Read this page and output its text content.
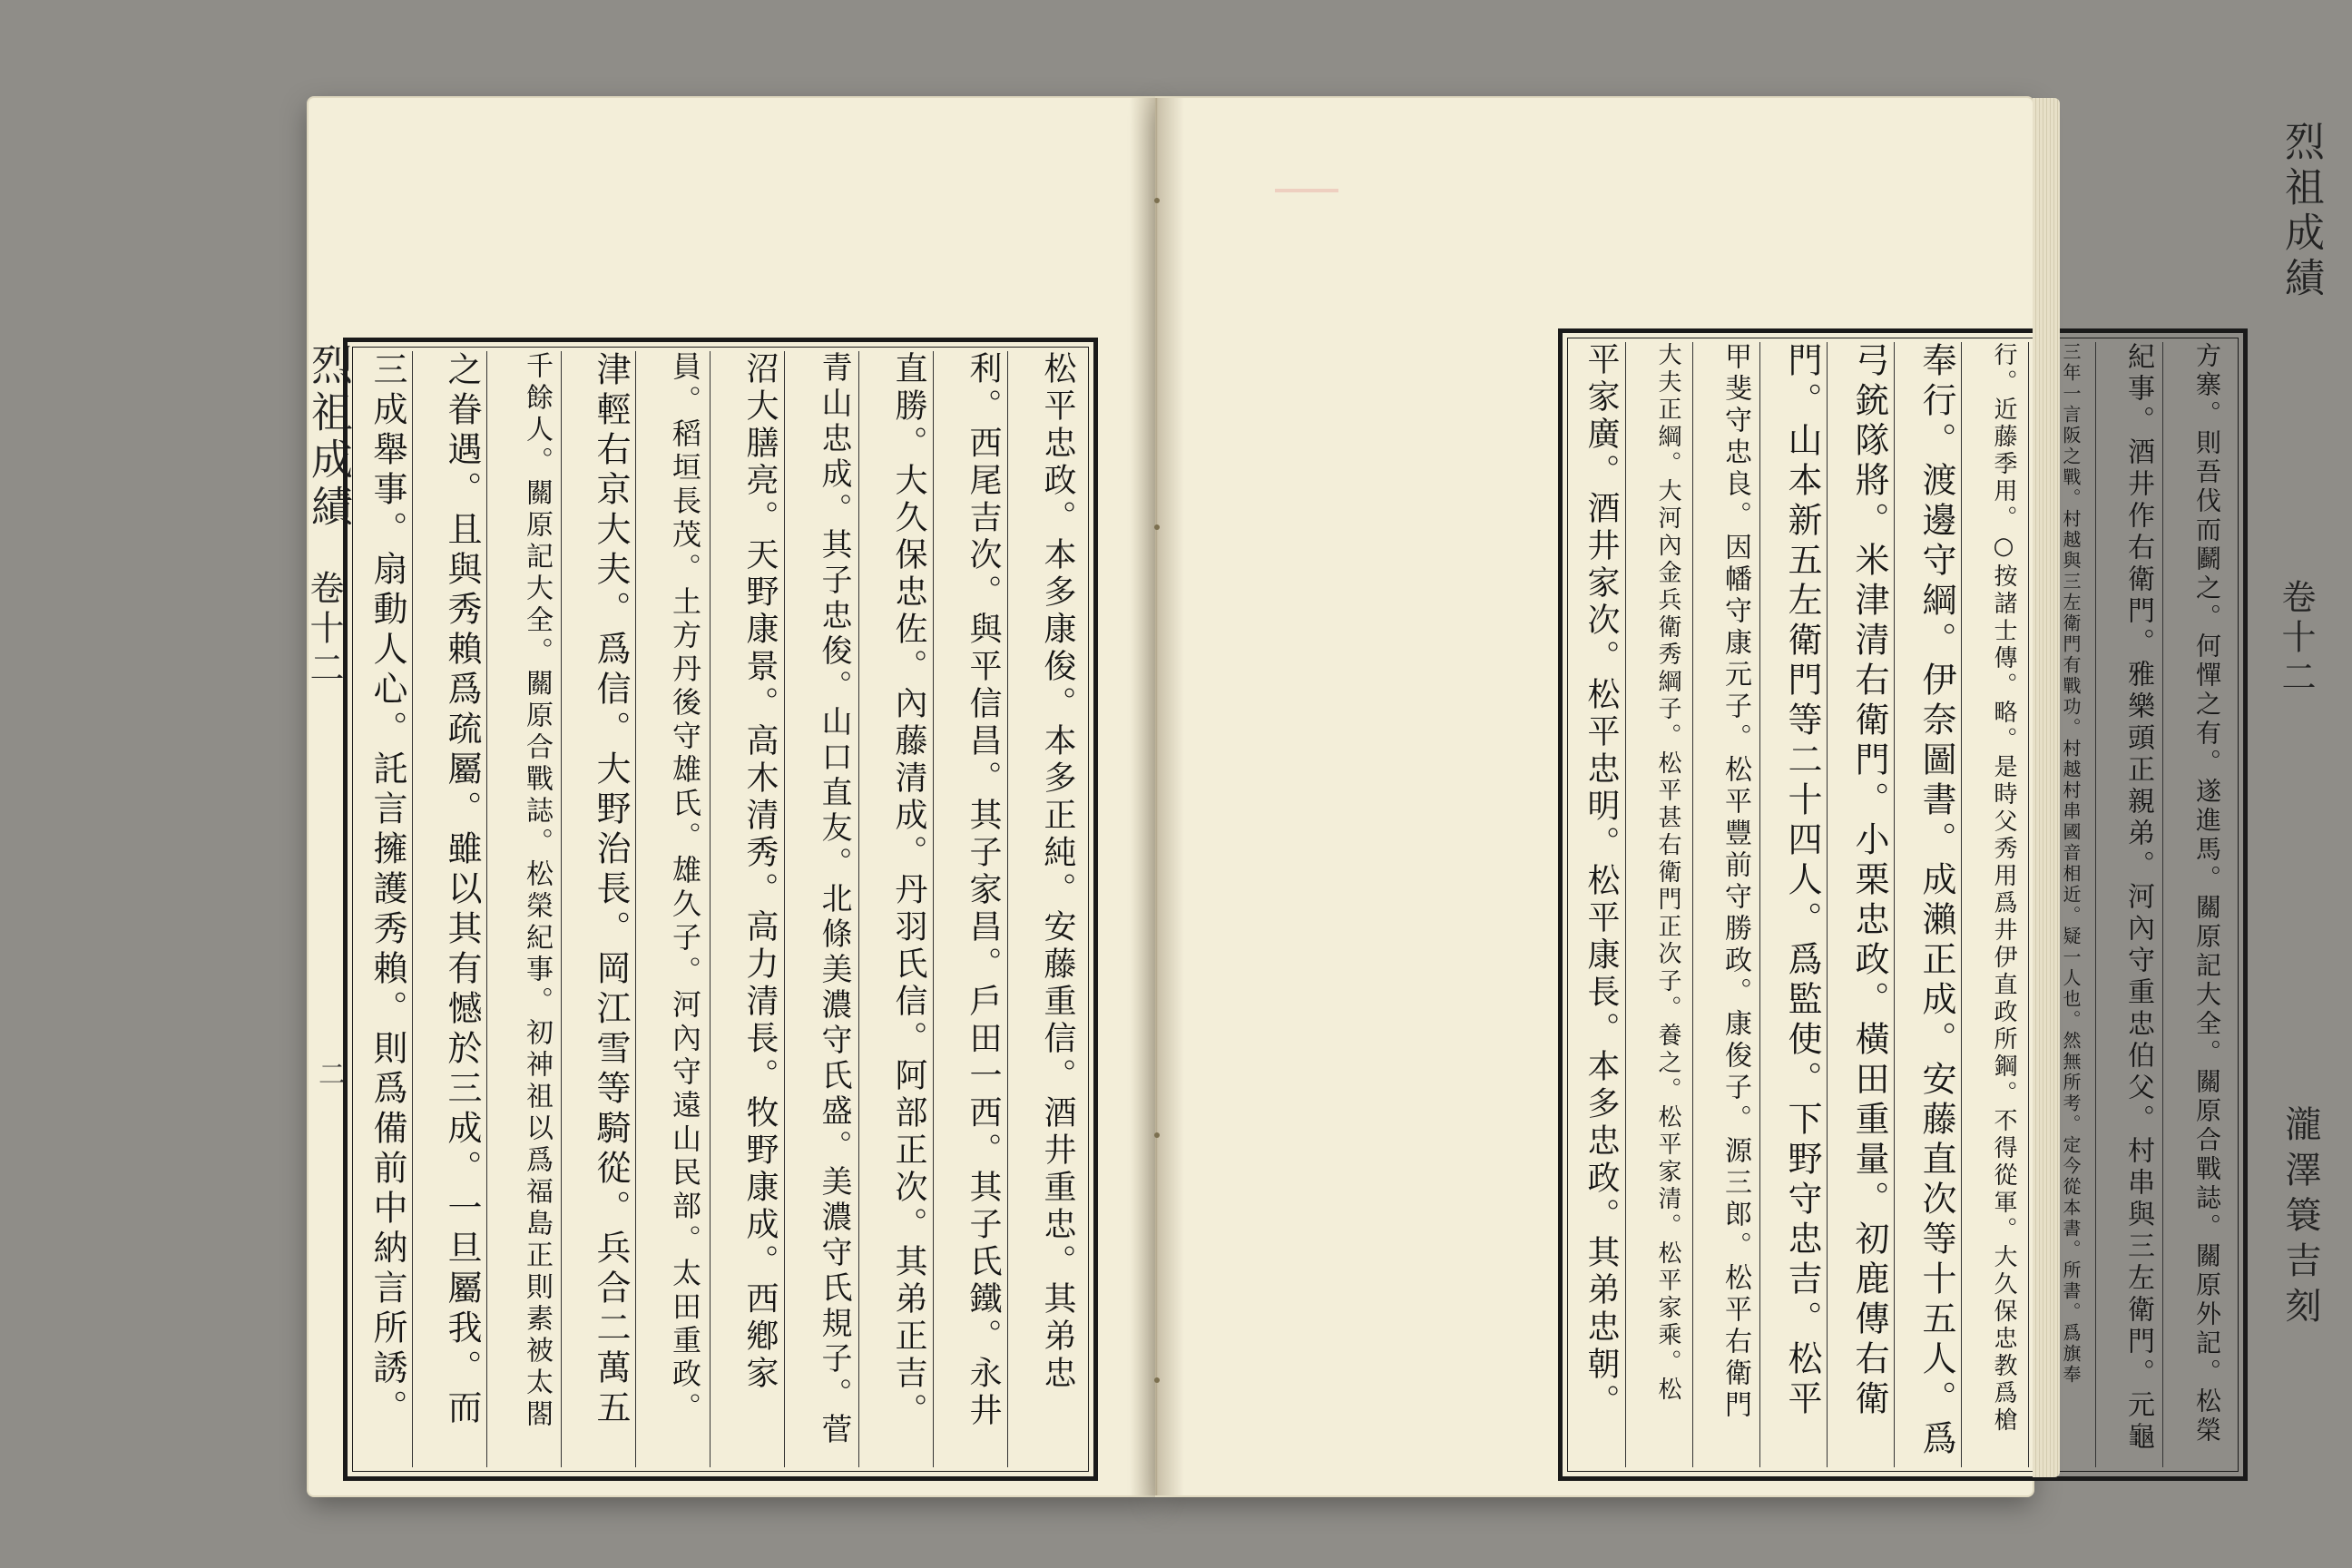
烈祖成績
卷十二
二	松平忠政。本多康俊。本多正純。安藤重信。酒井重忠。其弟忠
利。西尾吉次。與平信昌。其子家昌。戶田一西。其子氏鐵。永井
直勝。大久保忠佐。內藤清成。丹羽氏信。阿部正次。其弟正吉。
青山忠成。其子忠俊。山口直友。北條美濃守氏盛。美濃守氏規子。菅
沼大膳亮。天野康景。高木清秀。高力清長。牧野康成。西鄕家
員。稻垣長茂。土方丹後守雄氏。雄久子。河內守遠山民部。太田重政。
津輕右京大夫。爲信。大野治長。岡江雪等騎從。兵合二萬五
千餘人。關原記大全。關原合戰誌。松榮紀事。初神祖以爲福島正則素被太閤
之眷遇。且與秀賴爲疏屬。雖以其有憾於三成。一旦屬我。而
三成舉事。扇動人心。託言擁護秀賴。則爲備前中納言所誘。
烈祖成績
卷十二
瀧澤簑吉刻
方寨。則吾伐而鬬之。何憚之有。遂進馬。關原記大全。關原合戰誌。關原外記。松榮
紀事。酒井作右衛門。雅樂頭正親弟。河內守重忠伯父。村串與三左衛門。元龜
三年一言阪之戰。村越與三左衛門有戰功。村越村串國音相近。疑一人也。然無所考。定今從本書。所書。爲旗奉
行。近藤季用。○按諸士傳。略。是時父秀用爲井伊直政所鋼。不得從軍。大久保忠教爲槍
奉行。渡邊守綱。伊奈圖書。成瀨正成。安藤直次等十五人。爲
弓銃隊將。米津清右衛門。小栗忠政。橫田重量。初鹿傳右衛
門。山本新五左衛門等二十四人。爲監使。下野守忠吉。松平
甲斐守忠良。因幡守康元子。松平豐前守勝政。康俊子。源三郎。松平右衛門
大夫正綱。大河內金兵衛秀綱子。松平甚右衛門正次子。養之。松平家清。松平家乘。松
平家廣。酒井家次。松平忠明。松平康長。本多忠政。其弟忠朝。
